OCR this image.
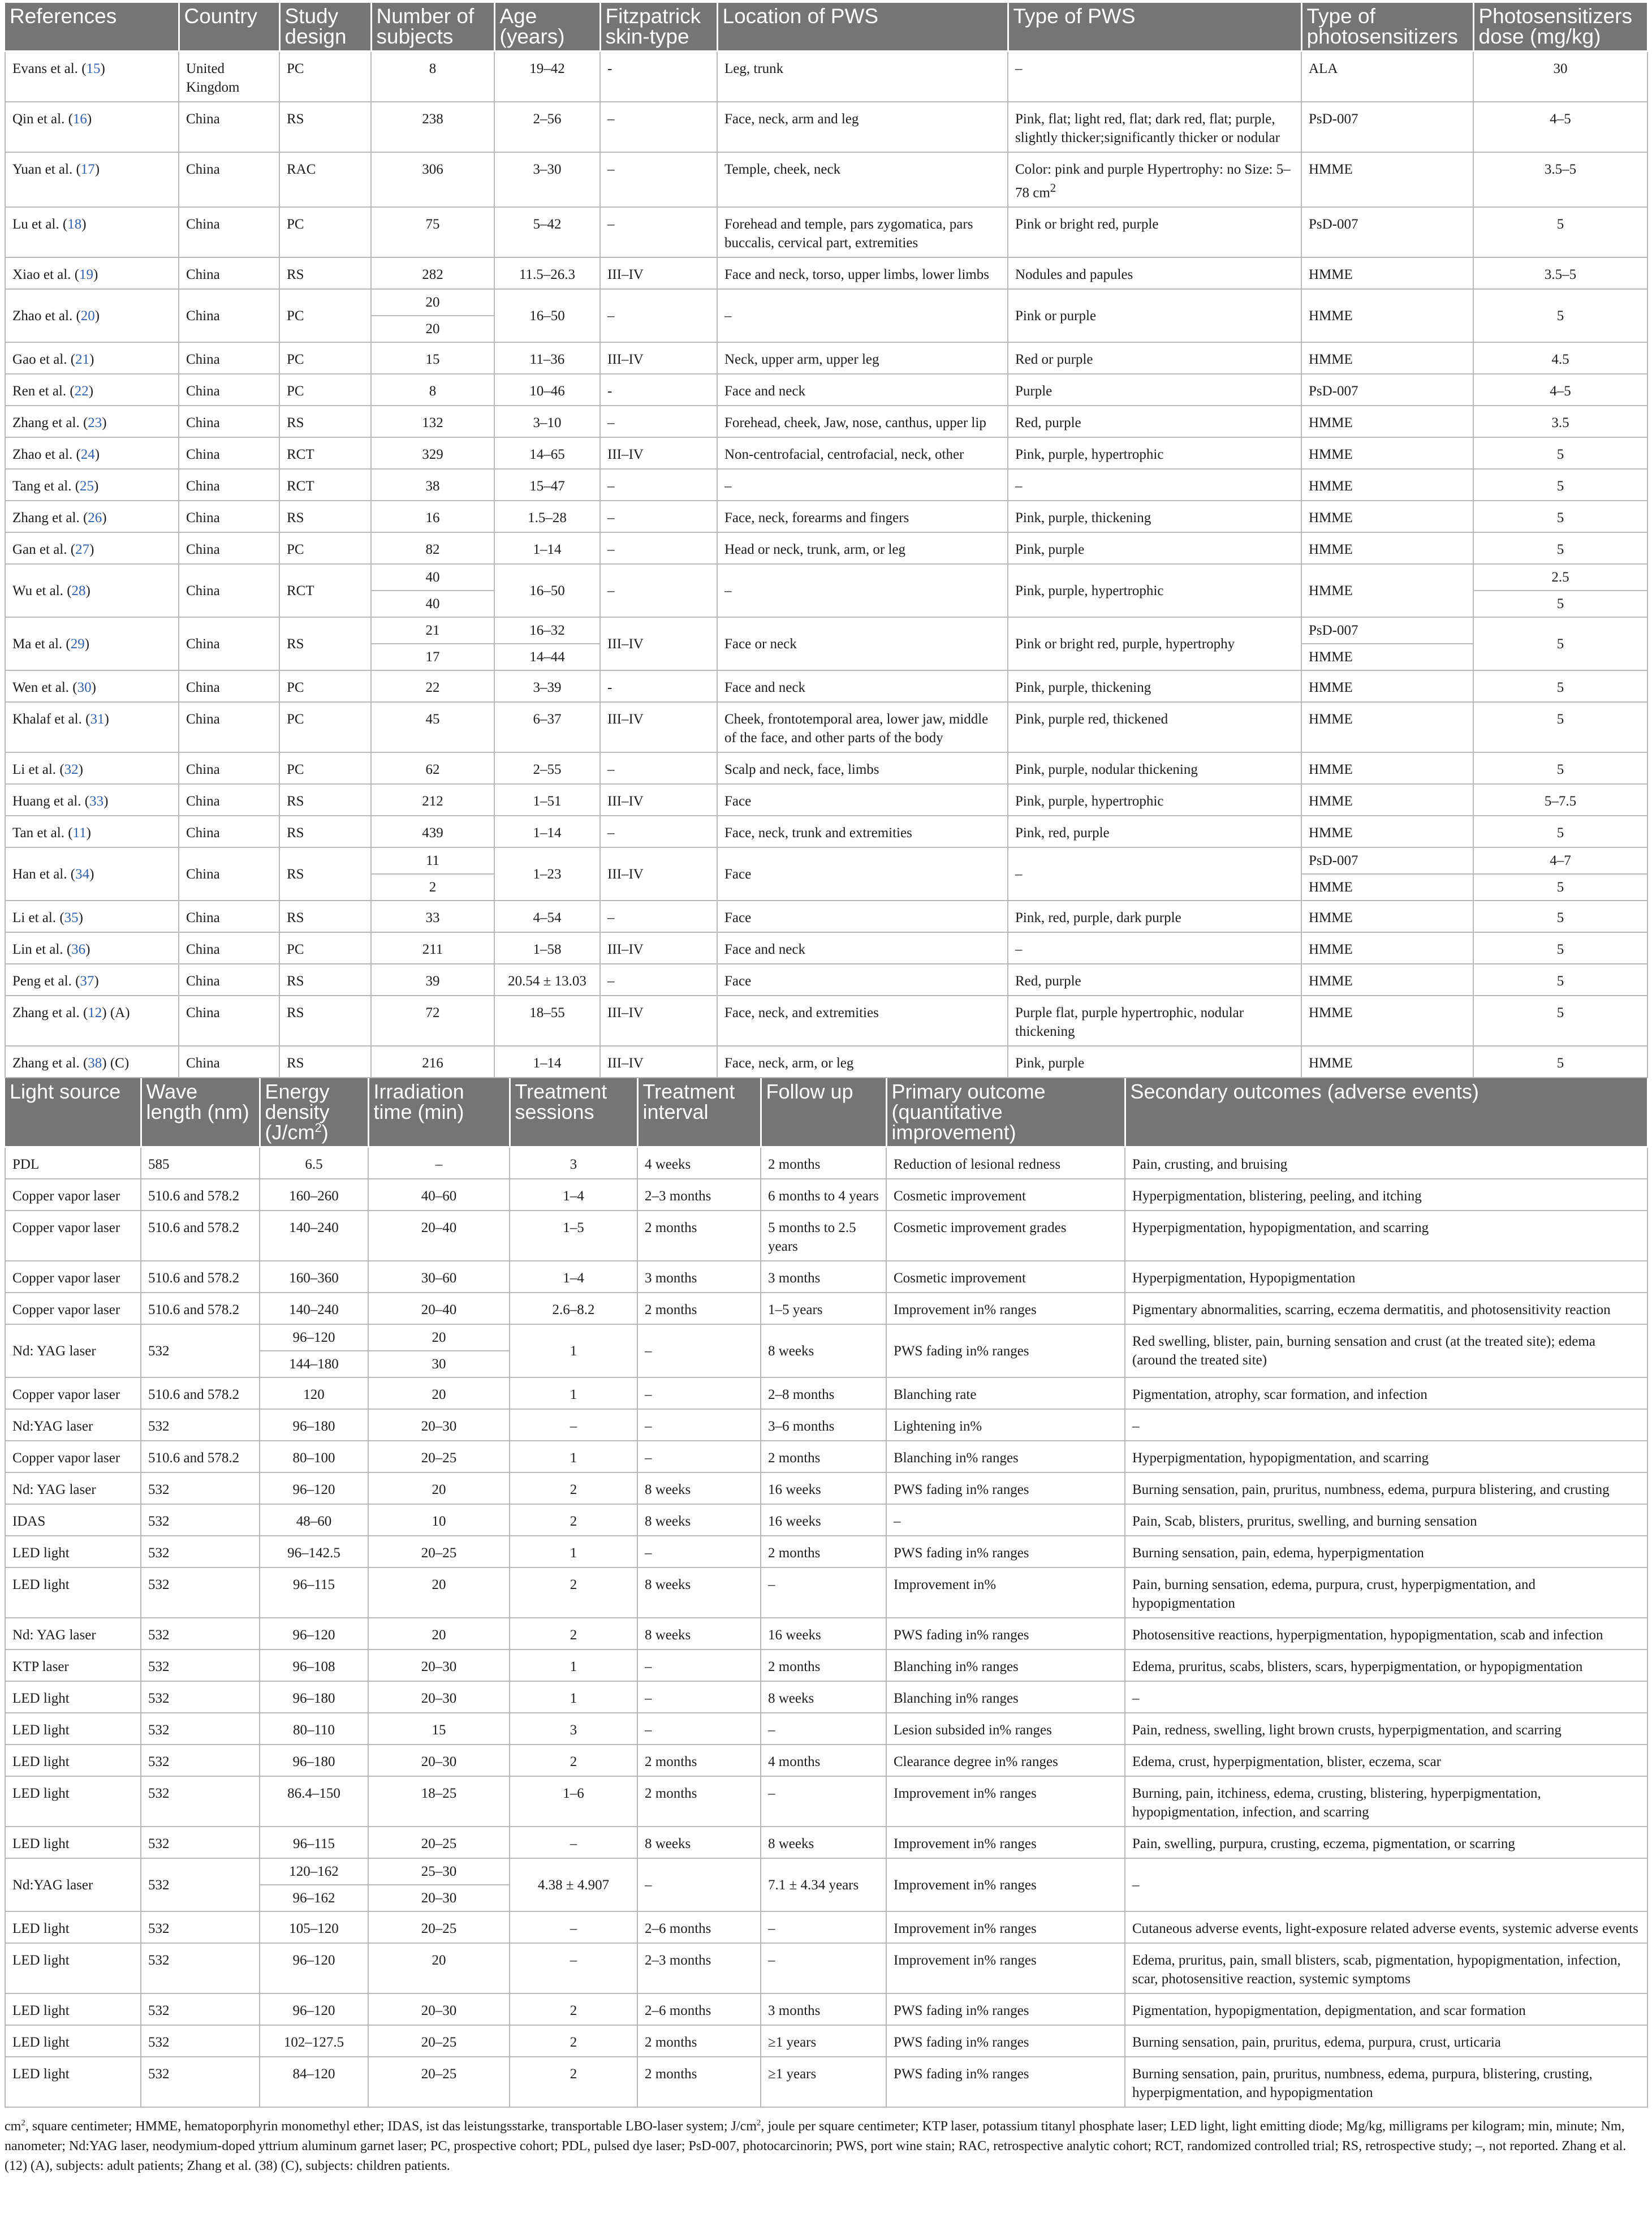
References	Country	Study design	Number of subjects	Age (years)	Fitzpatrick skin-type	Location of PWS	Type of PWS	Type of photosensitizers	Photosensitizers dose (mg/kg)
Evans et al. (15)	United Kingdom	PC	8	19–42	-	Leg, trunk	–	ALA	30
Qin et al. (16)	China	RS	238	2–56	–	Face, neck, arm and leg	Pink, flat; light red, flat; dark red, flat; purple, slightly thicker;significantly thicker or nodular	PsD-007	4–5
Yuan et al. (17)	China	RAC	306	3–30	–	Temple, cheek, neck	Color: pink and purple Hypertrophy: no Size: 5–78 $cm^2$	HMME	3.5–5
Lu et al. (18)	China	PC	75	5–42	–	Forehead and temple, pars zygomatica, pars buccalis, cervical part, extremities	Pink or bright red, purple	PsD-007	5
Xiao et al. (19)	China	RS	282	11.5–26.3	III–IV	Face and neck, torso, upper limbs, lower limbs	Nodules and papules	HMME	3.5–5
Zhao et al. (20)	China	PC	20	16–50	–	–	Pink or purple	HMME	5
			20						
Gao et al. (21)	China	PC	15	11–36	III–IV	Neck, upper arm, upper leg	Red or purple	HMME	4.5
Ren et al. (22)	China	PC	8	10–46	-	Face and neck	Purple	PsD-007	4–5
Zhang et al. (23)	China	RS	132	3–10	–	Forehead, cheek, Jaw, nose, canthus, upper lip	Red, purple	HMME	3.5
Zhao et al. (24)	China	RCT	329	14–65	III–IV	Non-centrofacial, centrofacial, neck, other	Pink, purple, hypertrophic	HMME	5
Tang et al. (25)	China	RCT	38	15–47	–	–	–	HMME	5
Zhang et al. (26)	China	RS	16	1.5–28	–	Face, neck, forearms and fingers	Pink, purple, thickening	HMME	5
Gan et al. (27)	China	PC	82	1–14	–	Head or neck, trunk, arm, or leg	Pink, purple	HMME	5
Wu et al. (28)	China	RCT	40	16–50	–	–	Pink, purple, hypertrophic	HMME	2.5
			40						5
Ma et al. (29)	China	RS	21	16–32	III–IV	Face or neck	Pink or bright red, purple, hypertrophy	PsD-007	5
			17	14–44				HMME	
Wen et al. (30)	China	PC	22	3–39	-	Face and neck	Pink, purple, thickening	HMME	5
Khalaf et al. (31)	China	PC	45	6–37	III–IV	Cheek, frontotemporal area, lower jaw, middle of the face, and other parts of the body	Pink, purple red, thickened	HMME	5
Li et al. (32)	China	PC	62	2–55	–	Scalp and neck, face, limbs	Pink, purple, nodular thickening	HMME	5
Huang et al. (33)	China	RS	212	1–51	III–IV	Face	Pink, purple, hypertrophic	HMME	5–7.5
Tan et al. (11)	China	RS	439	1–14	–	Face, neck, trunk and extremities	Pink, red, purple	HMME	5
Han et al. (34)	China	RS	11	1–23	III–IV	Face	–	PsD-007	4–7
			2					HMME	5
Li et al. (35)	China	RS	33	4–54	–	Face	Pink, red, purple, dark purple	HMME	5
Lin et al. (36)	China	PC	211	1–58	III–IV	Face and neck	–	HMME	5
Peng et al. (37)	China	RS	39	20.54 ± 13.03	–	Face	Red, purple	HMME	5
Zhang et al. (12) (A)	China	RS	72	18–55	III–IV	Face, neck, and extremities	Purple flat, purple hypertrophic, nodular thickening	HMME	5
Zhang et al. (38) (C)	China	RS	216	1–14	III–IV	Face, neck, arm, or leg	Pink, purple	HMME	5
Light source	Wave length (nm)	Energy density $(J/cm^2)$	Irradiation time (min)	Treatment sessions	Treatment interval	Follow up	Primary outcome (quantitative improvement)	Secondary outcomes (adverse events)
PDL	585	6.5	–	3	4 weeks	2 months	Reduction of lesional redness	Pain, crusting, and bruising
Copper vapor laser	510.6 and 578.2	160–260	40–60	1–4	2–3 months	6 months to 4 years	Cosmetic improvement	Hyperpigmentation, blistering, peeling, and itching
Copper vapor laser	510.6 and 578.2	140–240	20–40	1–5	2 months	5 months to 2.5 years	Cosmetic improvement grades	Hyperpigmentation, hypopigmentation, and scarring
Copper vapor laser	510.6 and 578.2	160–360	30–60	1–4	3 months	3 months	Cosmetic improvement	Hyperpigmentation, Hypopigmentation
Copper vapor laser	510.6 and 578.2	140–240	20–40	2.6–8.2	2 months	1–5 years	Improvement in% ranges	Pigmentary abnormalities, scarring, eczema dermatitis, and photosensitivity reaction
Nd: YAG laser	532	96–120	20	1	–	8 weeks	PWS fading in% ranges	Red swelling, blister, pain, burning sensation and crust (at the treated site); edema (around the treated site)
		144–180	30					
Copper vapor laser	510.6 and 578.2	120	20	1	–	2–8 months	Blanching rate	Pigmentation, atrophy, scar formation, and infection
Nd:YAG laser	532	96–180	20–30	–	–	3–6 months	Lightening in%	–
Copper vapor laser	510.6 and 578.2	80–100	20–25	1	–	2 months	Blanching in% ranges	Hyperpigmentation, hypopigmentation, and scarring
Nd: YAG laser	532	96–120	20	2	8 weeks	16 weeks	PWS fading in% ranges	Burning sensation, pain, pruritus, numbness, edema, purpura blistering, and crusting
IDAS	532	48–60	10	2	8 weeks	16 weeks	–	Pain, Scab, blisters, pruritus, swelling, and burning sensation
LED light	532	96–142.5	20–25	1	–	2 months	PWS fading in% ranges	Burning sensation, pain, edema, hyperpigmentation
LED light	532	96–115	20	2	8 weeks	–	Improvement in%	Pain, burning sensation, edema, purpura, crust, hyperpigmentation, and hypopigmentation
Nd: YAG laser	532	96–120	20	2	8 weeks	16 weeks	PWS fading in% ranges	Photosensitive reactions, hyperpigmentation, hypopigmentation, scab and infection
KTP laser	532	96–108	20–30	1	–	2 months	Blanching in% ranges	Edema, pruritus, scabs, blisters, scars, hyperpigmentation, or hypopigmentation
LED light	532	96–180	20–30	1	–	8 weeks	Blanching in% ranges	–
LED light	532	80–110	15	3	–	–	Lesion subsided in% ranges	Pain, redness, swelling, light brown crusts, hyperpigmentation, and scarring
LED light	532	96–180	20–30	2	2 months	4 months	Clearance degree in% ranges	Edema, crust, hyperpigmentation, blister, eczema, scar
LED light	532	86.4–150	18–25	1–6	2 months	–	Improvement in% ranges	Burning, pain, itchiness, edema, crusting, blistering, hyperpigmentation, hypopigmentation, infection, and scarring
LED light	532	96–115	20–25	–	8 weeks	8 weeks	Improvement in% ranges	Pain, swelling, purpura, crusting, eczema, pigmentation, or scarring
Nd:YAG laser	532	120–162	25–30	4.38 ± 4.907	–	7.1 ± 4.34 years	Improvement in% ranges	–
		96–162	20–30					
LED light	532	105–120	20–25	–	2–6 months	–	Improvement in% ranges	Cutaneous adverse events, light-exposure related adverse events, systemic adverse events
LED light	532	96–120	20	–	2–3 months	–	Improvement in% ranges	Edema, pruritus, pain, small blisters, scab, pigmentation, hypopigmentation, infection, scar, photosensitive reaction, systemic symptoms
LED light	532	96–120	20–30	2	2–6 months	3 months	PWS fading in% ranges	Pigmentation, hypopigmentation, depigmentation, and scar formation
LED light	532	102–127.5	20–25	2	2 months	≥1 years	PWS fading in% ranges	Burning sensation, pain, pruritus, edema, purpura, crust, urticaria
LED light	532	84–120	20–25	2	2 months	≥1 years	PWS fading in% ranges	Burning sensation, pain, pruritus, numbness, edema, purpura, blistering, crusting, hyperpigmentation, and hypopigmentation
$cm^2$, square centimeter; HMME, hematoporphyrin monomethyl ether; IDAS, ist das leistungsstarke, transportable LBO-laser system; $J/cm^2$, joule per square centimeter; KTP laser, potassium titanyl phosphate laser; LED light, light emitting diode; Mg/kg, milligrams per kilogram; min, minute; Nm, nanometer; Nd:YAG laser, neodymium-doped yttrium aluminum garnet laser; PC, prospective cohort; PDL, pulsed dye laser; PsD-007, photocarcinorin; PWS, port wine stain; RAC, retrospective analytic cohort; RCT, randomized controlled trial; RS, retrospective study; –, not reported. Zhang et al. (12) (A), subjects: adult patients; Zhang et al. (38) (C), subjects: children patients.
